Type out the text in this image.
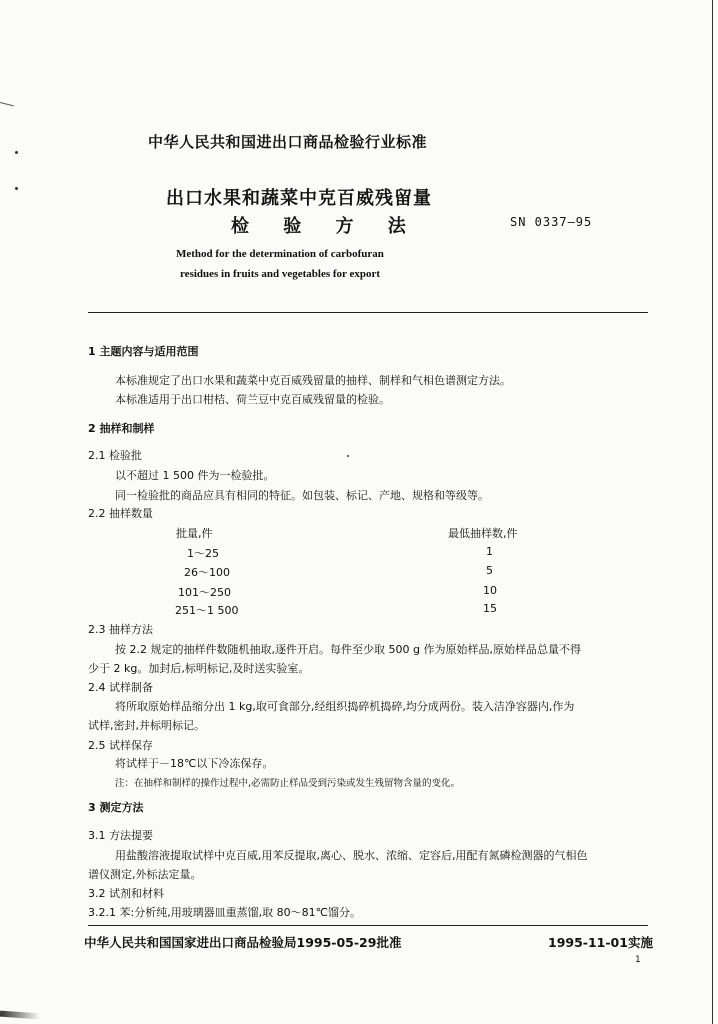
中华人民共和国进出口商品检验行业标准
出口水果和蔬菜中克百威残留量
检 验 方 法	SN 0337—95
Method for the determination of carbofuran
residues in fruits and vegetables for export
1 主题内容与适用范围
本标准规定了出口水果和蔬菜中克百威残留量的抽样、制样和气相色谱测定方法。
本标准适用于出口柑桔、荷兰豆中克百威残留量的检验。
2 抽样和制样
2.1 检验批
以不超过 1 500 件为一检验批。
同一检验批的商品应具有相同的特征。如包装、标记、产地、规格和等级等。
2.2 抽样数量
批量,件	最低抽样数,件
1～25	1
26～100	5
101～250	10
251～1 500	15
2.3 抽样方法
按 2.2 规定的抽样件数随机抽取,逐件开启。每件至少取 500 g 作为原始样品,原始样品总量不得
少于 2 kg。加封后,标明标记,及时送实验室。
2.4 试样制备
将所取原始样品缩分出 1 kg,取可食部分,经组织捣碎机捣碎,均分成两份。装入洁净容器内,作为
试样,密封,并标明标记。
2.5 试样保存
将试样于－18℃以下冷冻保存。
注：在抽样和制样的操作过程中,必需防止样品受到污染或发生残留物含量的变化。
3 测定方法
3.1 方法提要
用盐酸溶液提取试样中克百威,用苯反提取,离心、脱水、浓缩、定容后,用配有氮磷检测器的气相色
谱仪测定,外标法定量。
3.2 试剂和材料
3.2.1 苯:分析纯,用玻璃器皿重蒸馏,取 80～81℃馏分。
中华人民共和国国家进出口商品检验局1995-05-29批准	1995-11-01实施
1
